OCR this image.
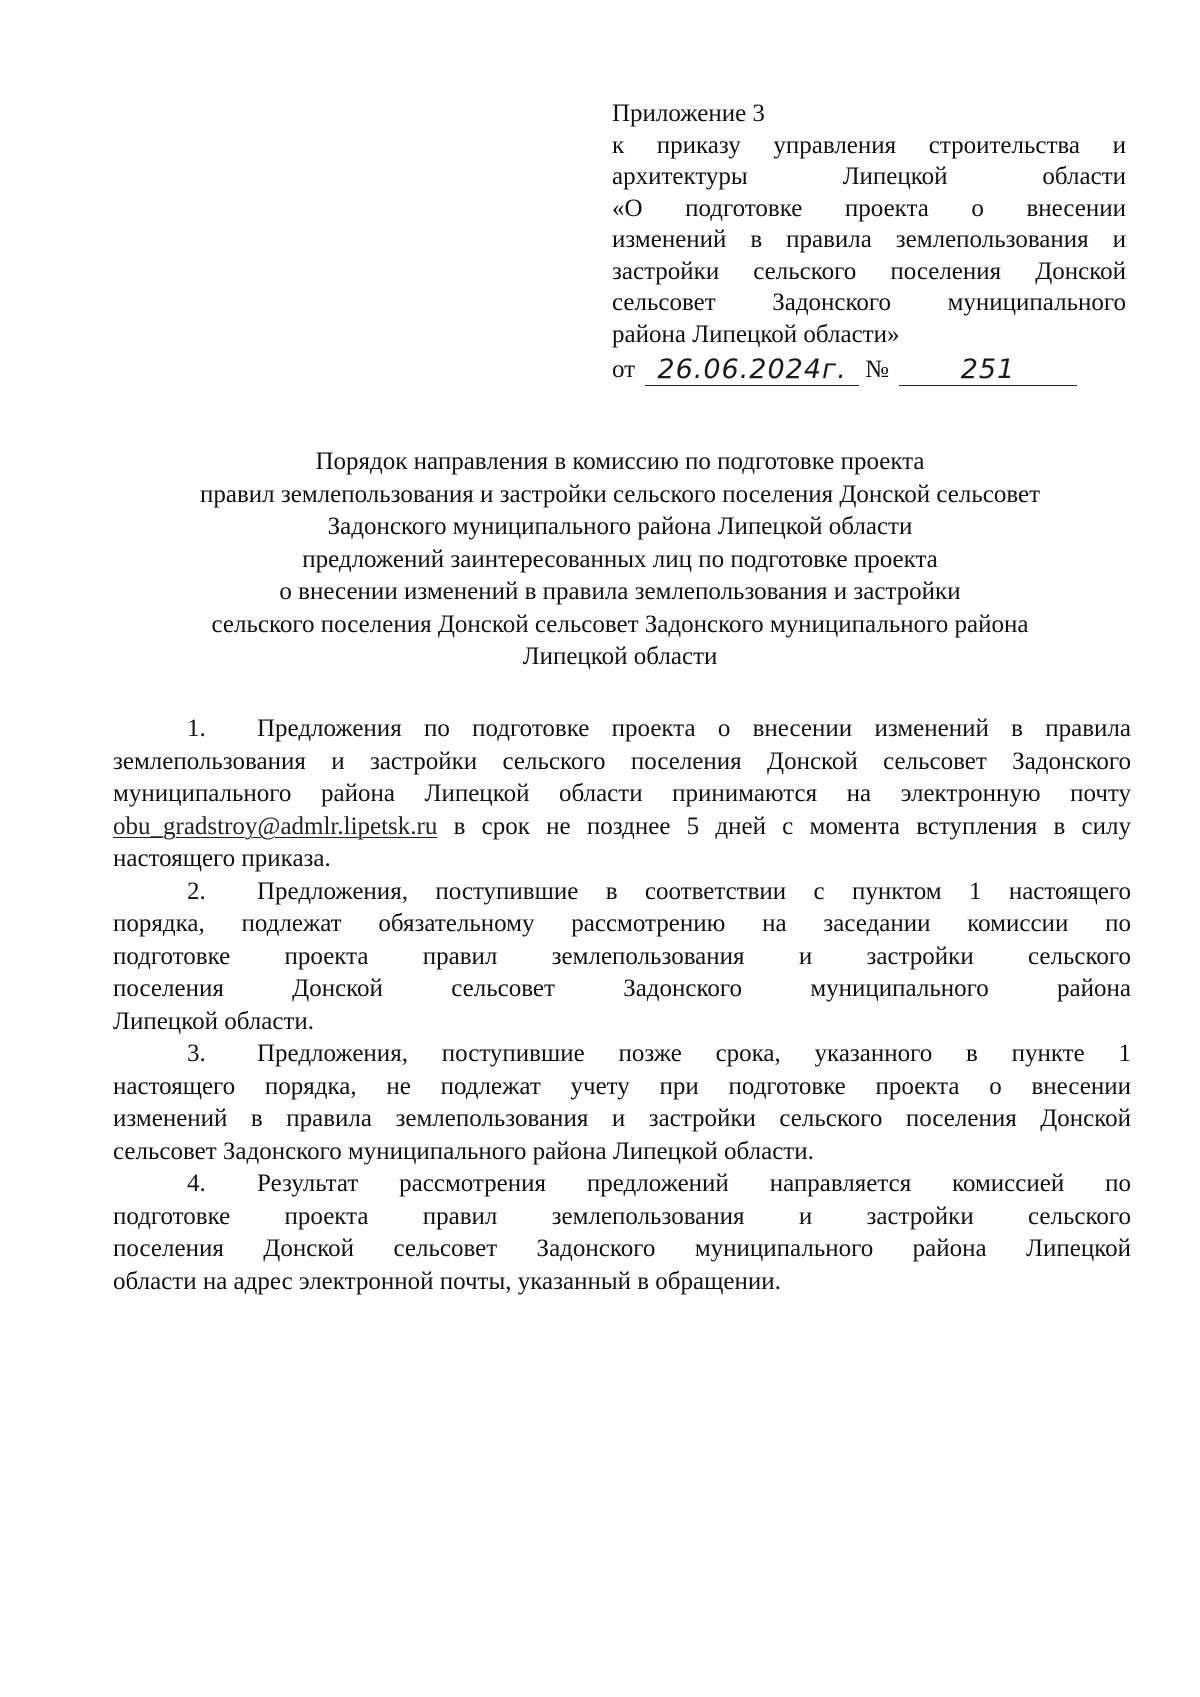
Приложение 3
к приказу управления строительства и
архитектуры Липецкой области
«О подготовке проекта о внесении
изменений в правила землепользования и
застройки сельского поселения Донской
сельсовет Задонского муниципального
района Липецкой области»
от 26.06.2024г. №	251
Порядок направления в комиссию по подготовке проекта
правил землепользования и застройки сельского поселения Донской сельсовет
Задонского муниципального района Липецкой области
предложений заинтересованных лиц по подготовке проекта
о внесении изменений в правила землепользования и застройки
сельского поселения Донской сельсовет Задонского муниципального района
Липецкой области
1. Предложения по подготовке проекта о внесении изменений в правила
землепользования и застройки сельского поселения Донской сельсовет Задонского
муниципального района Липецкой области принимаются на электронную почту
obu_gradstroy@admlr.lipetsk.ru в срок не позднее 5 дней с момента вступления в силу
настоящего приказа.
2. Предложения, поступившие в соответствии с пунктом 1 настоящего
порядка, подлежат обязательному рассмотрению на заседании комиссии по
подготовке проекта правил землепользования и застройки сельского
поселения Донской сельсовет Задонского муниципального района
Липецкой области.
3. Предложения, поступившие позже срока, указанного в пункте 1
настоящего порядка, не подлежат учету при подготовке проекта о внесении
изменений в правила землепользования и застройки сельского поселения Донской
сельсовет Задонского муниципального района Липецкой области.
4. Результат рассмотрения предложений направляется комиссией по
подготовке проекта правил землепользования и застройки сельского
поселения Донской сельсовет Задонского муниципального района Липецкой
области на адрес электронной почты, указанный в обращении.
